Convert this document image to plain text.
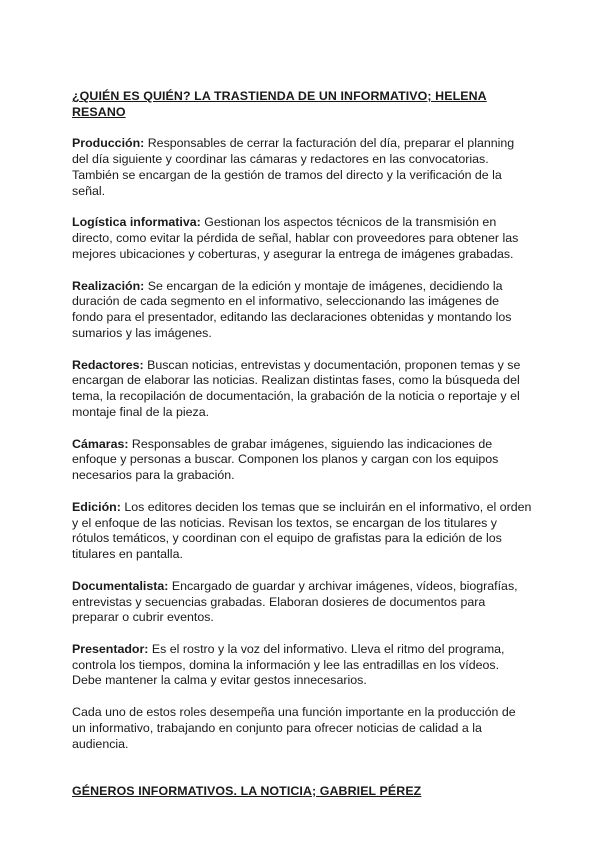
¿QUIÉN ES QUIÉN? LA TRASTIENDA DE UN INFORMATIVO; HELENA RESANO

Producción: Responsables de cerrar la facturación del día, preparar el planning del día siguiente y coordinar las cámaras y redactores en las convocatorias. También se encargan de la gestión de tramos del directo y la verificación de la señal.

Logística informativa: Gestionan los aspectos técnicos de la transmisión en directo, como evitar la pérdida de señal, hablar con proveedores para obtener las mejores ubicaciones y coberturas, y asegurar la entrega de imágenes grabadas.

Realización: Se encargan de la edición y montaje de imágenes, decidiendo la duración de cada segmento en el informativo, seleccionando las imágenes de fondo para el presentador, editando las declaraciones obtenidas y montando los sumarios y las imágenes.

Redactores: Buscan noticias, entrevistas y documentación, proponen temas y se encargan de elaborar las noticias. Realizan distintas fases, como la búsqueda del tema, la recopilación de documentación, la grabación de la noticia o reportaje y el montaje final de la pieza.

Cámaras: Responsables de grabar imágenes, siguiendo las indicaciones de enfoque y personas a buscar. Componen los planos y cargan con los equipos necesarios para la grabación.

Edición: Los editores deciden los temas que se incluirán en el informativo, el orden y el enfoque de las noticias. Revisan los textos, se encargan de los titulares y rótulos temáticos, y coordinan con el equipo de grafistas para la edición de los titulares en pantalla.

Documentalista: Encargado de guardar y archivar imágenes, vídeos, biografías, entrevistas y secuencias grabadas. Elaboran dosieres de documentos para preparar o cubrir eventos.

Presentador: Es el rostro y la voz del informativo. Lleva el ritmo del programa, controla los tiempos, domina la información y lee las entradillas en los vídeos. Debe mantener la calma y evitar gestos innecesarios.

Cada uno de estos roles desempeña una función importante en la producción de un informativo, trabajando en conjunto para ofrecer noticias de calidad a la audiencia.

GÉNEROS INFORMATIVOS. LA NOTICIA; GABRIEL PÉREZ
